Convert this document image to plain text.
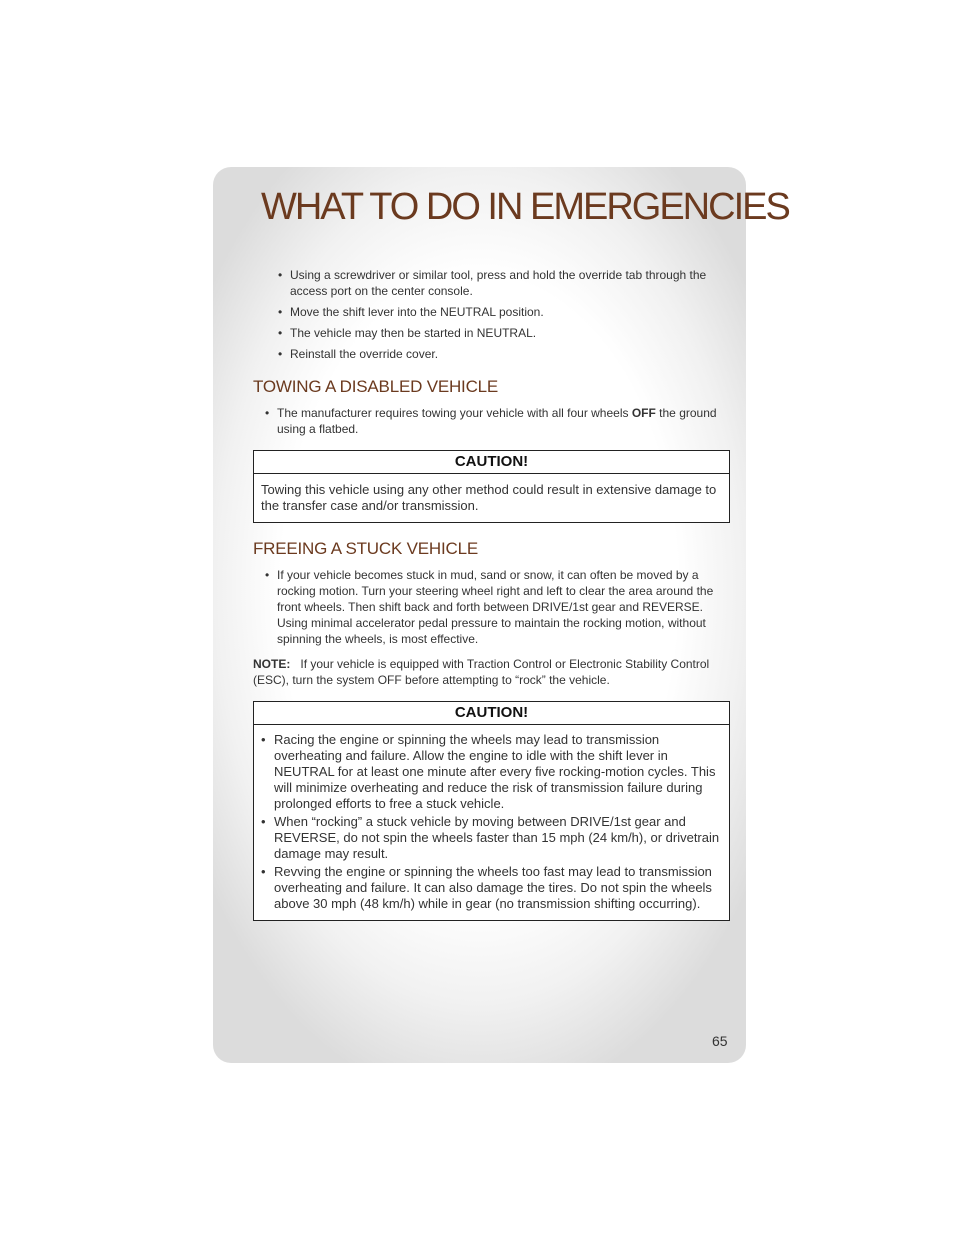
WHAT TO DO IN EMERGENCIES
• Using a screwdriver or similar tool, press and hold the override tab through the access port on the center console.
• Move the shift lever into the NEUTRAL position.
• The vehicle may then be started in NEUTRAL.
• Reinstall the override cover.
TOWING A DISABLED VEHICLE
• The manufacturer requires towing your vehicle with all four wheels OFF the ground using a flatbed.
CAUTION!
Towing this vehicle using any other method could result in extensive damage to the transfer case and/or transmission.
FREEING A STUCK VEHICLE
• If your vehicle becomes stuck in mud, sand or snow, it can often be moved by a rocking motion. Turn your steering wheel right and left to clear the area around the front wheels. Then shift back and forth between DRIVE/1st gear and REVERSE. Using minimal accelerator pedal pressure to maintain the rocking motion, without spinning the wheels, is most effective.

NOTE: If your vehicle is equipped with Traction Control or Electronic Stability Control (ESC), turn the system OFF before attempting to “rock” the vehicle.

CAUTION!
• Racing the engine or spinning the wheels may lead to transmission overheating and failure. Allow the engine to idle with the shift lever in NEUTRAL for at least one minute after every five rocking-motion cycles. This will minimize overheating and reduce the risk of transmission failure during prolonged efforts to free a stuck vehicle.
• When “rocking” a stuck vehicle by moving between DRIVE/1st gear and REVERSE, do not spin the wheels faster than 15 mph (24 km/h), or drivetrain damage may result.
• Revving the engine or spinning the wheels too fast may lead to transmission overheating and failure. It can also damage the tires. Do not spin the wheels above 30 mph (48 km/h) while in gear (no transmission shifting occurring).
65
